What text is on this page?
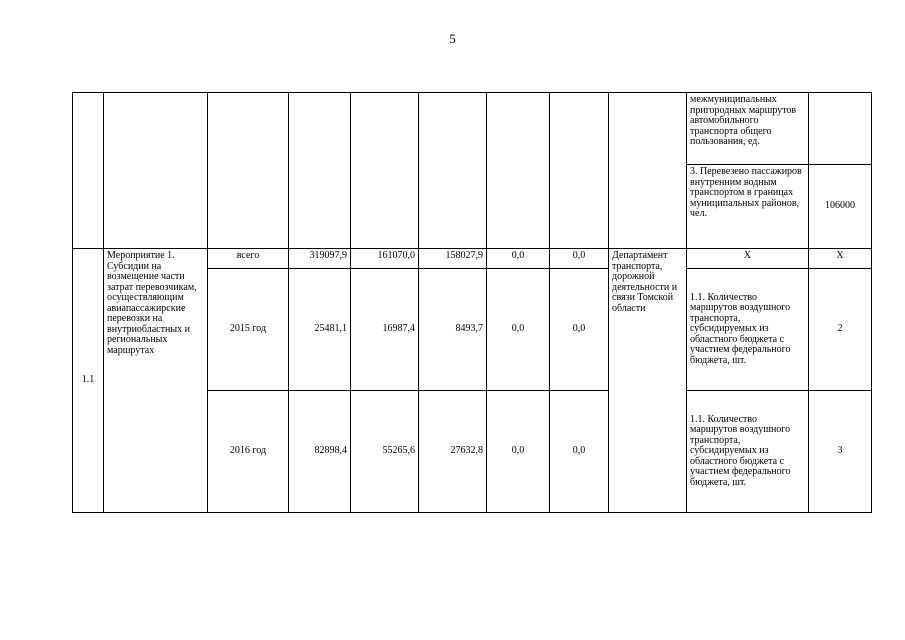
5
									межмуниципальных пригородных маршрутов автомобильного транспорта общего пользования, ед.	
									3. Перевезено пассажиров внутренним водным транспортом в границах муниципальных районов, чел.	106000
1.1	Мероприятие 1. Субсидии на возмещение части затрат перевозчикам, осуществляющим авиапассажирские перевозки на внутриобластных и региональных маршрутах	всего	319097,9	161070,0	158027,9	0,0	0,0	Департамент транспорта, дорожной деятельности и связи Томской области	X	X
		2015 год	25481,1	16987,4	8493,7	0,0	0,0		1.1. Количество маршрутов воздушного транспорта, субсидируемых из областного бюджета с участием федерального бюджета, шт.	2
		2016 год	82898,4	55265,6	27632,8	0,0	0,0		1.1. Количество маршрутов воздушного транспорта, субсидируемых из областного бюджета с участием федерального бюджета, шт.	3
